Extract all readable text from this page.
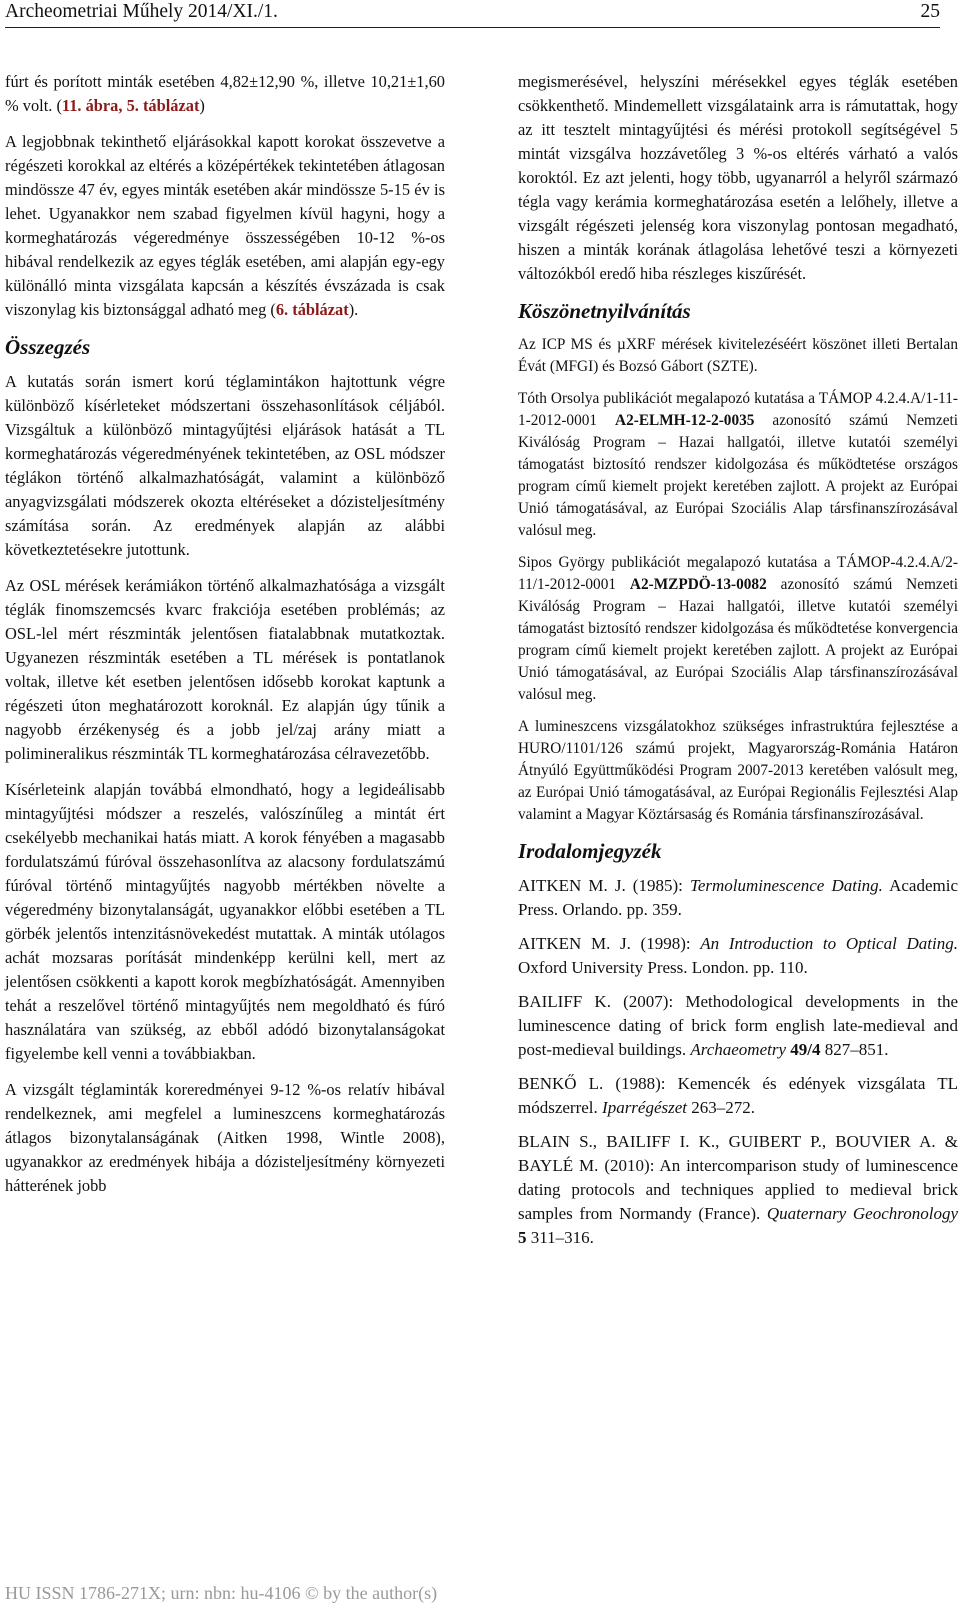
Archeometriai Műhely 2014/XI./1.	25

fúrt és porított minták esetében 4,82±12,90 %, illetve 10,21±1,60 % volt. (11. ábra, 5. táblázat)

A legjobbnak tekinthető eljárásokkal kapott korokat összevetve a régészeti korokkal az eltérés a középértékek tekintetében átlagosan mindössze 47 év, egyes minták esetében akár mindössze 5-15 év is lehet. Ugyanakkor nem szabad figyelmen kívül hagyni, hogy a kormeghatározás végeredménye összességében 10-12 %-os hibával rendelkezik az egyes téglák esetében, ami alapján egy-egy különálló minta vizsgálata kapcsán a készítés évszázada is csak viszonylag kis biztonsággal adható meg (6. táblázat).

Összegzés

A kutatás során ismert korú téglamintákon hajtottunk végre különböző kísérleteket módszertani összehasonlítások céljából. Vizsgáltuk a különböző mintagyűjtési eljárások hatását a TL kormeghatározás végeredményének tekintetében, az OSL módszer téglákon történő alkalmazhatóságát, valamint a különböző anyagvizsgálati módszerek okozta eltéréseket a dózisteljesítmény számítása során. Az eredmények alapján az alábbi következtetésekre jutottunk.

Az OSL mérések kerámiákon történő alkalmazhatósága a vizsgált téglák finomszemcsés kvarc frakciója esetében problémás; az OSL-lel mért részminták jelentősen fiatalabbnak mutatkoztak. Ugyanezen részminták esetében a TL mérések is pontatlanok voltak, illetve két esetben jelentősen idősebb korokat kaptunk a régészeti úton meghatározott koroknál. Ez alapján úgy tűnik a nagyobb érzékenység és a jobb jel/zaj arány miatt a polimineralikus részminták TL kormeghatározása célravezetőbb.

Kísérleteink alapján továbbá elmondható, hogy a legideálisabb mintagyűjtési módszer a reszelés, valószínűleg a mintát ért csekélyebb mechanikai hatás miatt. A korok fényében a magasabb fordulatszámú fúróval összehasonlítva az alacsony fordulatszámú fúróval történő mintagyűjtés nagyobb mértékben növelte a végeredmény bizonytalanságát, ugyanakkor előbbi esetében a TL görbék jelentős intenzitásnövekedést mutattak. A minták utólagos achát mozsaras porítását mindenképp kerülni kell, mert az jelentősen csökkenti a kapott korok megbízhatóságát. Amennyiben tehát a reszelővel történő mintagyűjtés nem megoldható és fúró használatára van szükség, az ebből adódó bizonytalanságokat figyelembe kell venni a továbbiakban.

A vizsgált téglaminták koreredményei 9-12 %-os relatív hibával rendelkeznek, ami megfelel a lumineszcens kormeghatározás átlagos bizonytalanságának (Aitken 1998, Wintle 2008), ugyanakkor az eredmények hibája a dózisteljesítmény környezeti hátterének jobb

megismerésével, helyszíni mérésekkel egyes téglák esetében csökkenthető. Mindemellett vizsgálataink arra is rámutattak, hogy az itt tesztelt mintagyűjtési és mérési protokoll segítségével 5 mintát vizsgálva hozzávetőleg 3 %-os eltérés várható a valós koroktól. Ez azt jelenti, hogy több, ugyanarról a helyről származó tégla vagy kerámia kormeghatározása esetén a lelőhely, illetve a vizsgált régészeti jelenség kora viszonylag pontosan megadható, hiszen a minták korának átlagolása lehetővé teszi a környezeti változókból eredő hiba részleges kiszűrését.

Köszönetnyilvánítás

Az ICP MS és µXRF mérések kivitelezéséért köszönet illeti Bertalan Évát (MFGI) és Bozsó Gábort (SZTE).

Tóth Orsolya publikációt megalapozó kutatása a TÁMOP 4.2.4.A/1-11-1-2012-0001 A2-ELMH-12-2-0035 azonosító számú Nemzeti Kiválóság Program – Hazai hallgatói, illetve kutatói személyi támogatást biztosító rendszer kidolgozása és működtetése országos program című kiemelt projekt keretében zajlott. A projekt az Európai Unió támogatásával, az Európai Szociális Alap társfinanszírozásával valósul meg.

Sipos György publikációt megalapozó kutatása a TÁMOP-4.2.4.A/2-11/1-2012-0001 A2-MZPDÖ-13-0082 azonosító számú Nemzeti Kiválóság Program – Hazai hallgatói, illetve kutatói személyi támogatást biztosító rendszer kidolgozása és működtetése konvergencia program című kiemelt projekt keretében zajlott. A projekt az Európai Unió támogatásával, az Európai Szociális Alap társfinanszírozásával valósul meg.

A lumineszcens vizsgálatokhoz szükséges infrastruktúra fejlesztése a HURO/1101/126 számú projekt, Magyarország-Románia Határon Átnyúló Együttműködési Program 2007-2013 keretében valósult meg, az Európai Unió támogatásával, az Európai Regionális Fejlesztési Alap valamint a Magyar Köztársaság és Románia társfinanszírozásával.

Irodalomjegyzék
AITKEN M. J. (1985): Termoluminescence Dating. Academic Press. Orlando. pp. 359.
AITKEN M. J. (1998): An Introduction to Optical Dating. Oxford University Press. London. pp. 110.
BAILIFF K. (2007): Methodological developments in the luminescence dating of brick form english late-medieval and post-medieval buildings. Archaeometry 49/4 827–851.
BENKŐ L. (1988): Kemencék és edények vizsgálata TL módszerrel. Iparrégészet 263–272.
BLAIN S., BAILIFF I. K., GUIBERT P., BOUVIER A. & BAYLÉ M. (2010): An intercomparison study of luminescence dating protocols and techniques applied to medieval brick samples from Normandy (France). Quaternary Geochronology 5 311–316.
HU ISSN 1786-271X; urn: nbn: hu-4106 © by the author(s)
